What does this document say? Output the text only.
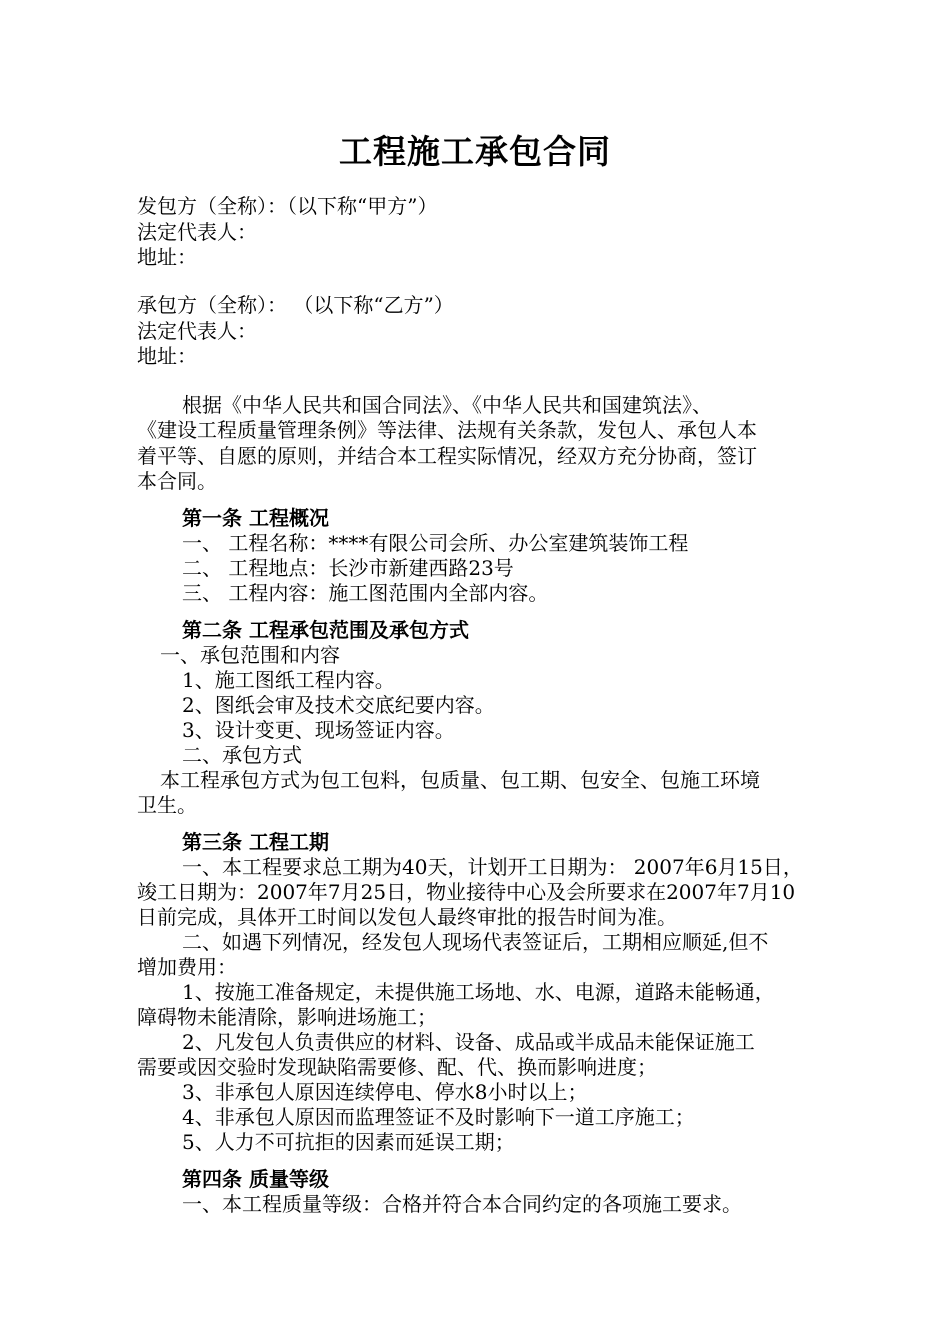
工程施工承包合同
发包方（全称）：（以下称“甲方”）
法定代表人：
地址：
承包方（全称）： （以下称“乙方”）
法定代表人：
地址：
根据《中华人民共和国合同法》、《中华人民共和国建筑法》、
《建设工程质量管理条例》等法律、法规有关条款，发包人、承包人本
着平等、自愿的原则，并结合本工程实际情况，经双方充分协商，签订
本合同。
第一条 工程概况
一、 工程名称：****有限公司会所、办公室建筑装饰工程
二、 工程地点：长沙市新建西路23号
三、 工程内容：施工图范围内全部内容。
第二条 工程承包范围及承包方式
一、承包范围和内容
1、施工图纸工程内容。
2、图纸会审及技术交底纪要内容。
3、设计变更、现场签证内容。
二、承包方式
本工程承包方式为包工包料，包质量、包工期、包安全、包施工环境
卫生。
第三条 工程工期
一、本工程要求总工期为40天，计划开工日期为： 2007年6月15日，
竣工日期为：2007年7月25日，物业接待中心及会所要求在2007年7月10
日前完成，具体开工时间以发包人最终审批的报告时间为准。
二、如遇下列情况，经发包人现场代表签证后，工期相应顺延,但不
增加费用：
1、按施工准备规定，未提供施工场地、水、电源，道路未能畅通，
障碍物未能清除，影响进场施工；
2、凡发包人负责供应的材料、设备、成品或半成品未能保证施工
需要或因交验时发现缺陷需要修、配、代、换而影响进度；
3、非承包人原因连续停电、停水8小时以上；
4、非承包人原因而监理签证不及时影响下一道工序施工；
5、人力不可抗拒的因素而延误工期；
第四条 质量等级
一、本工程质量等级：合格并符合本合同约定的各项施工要求。
